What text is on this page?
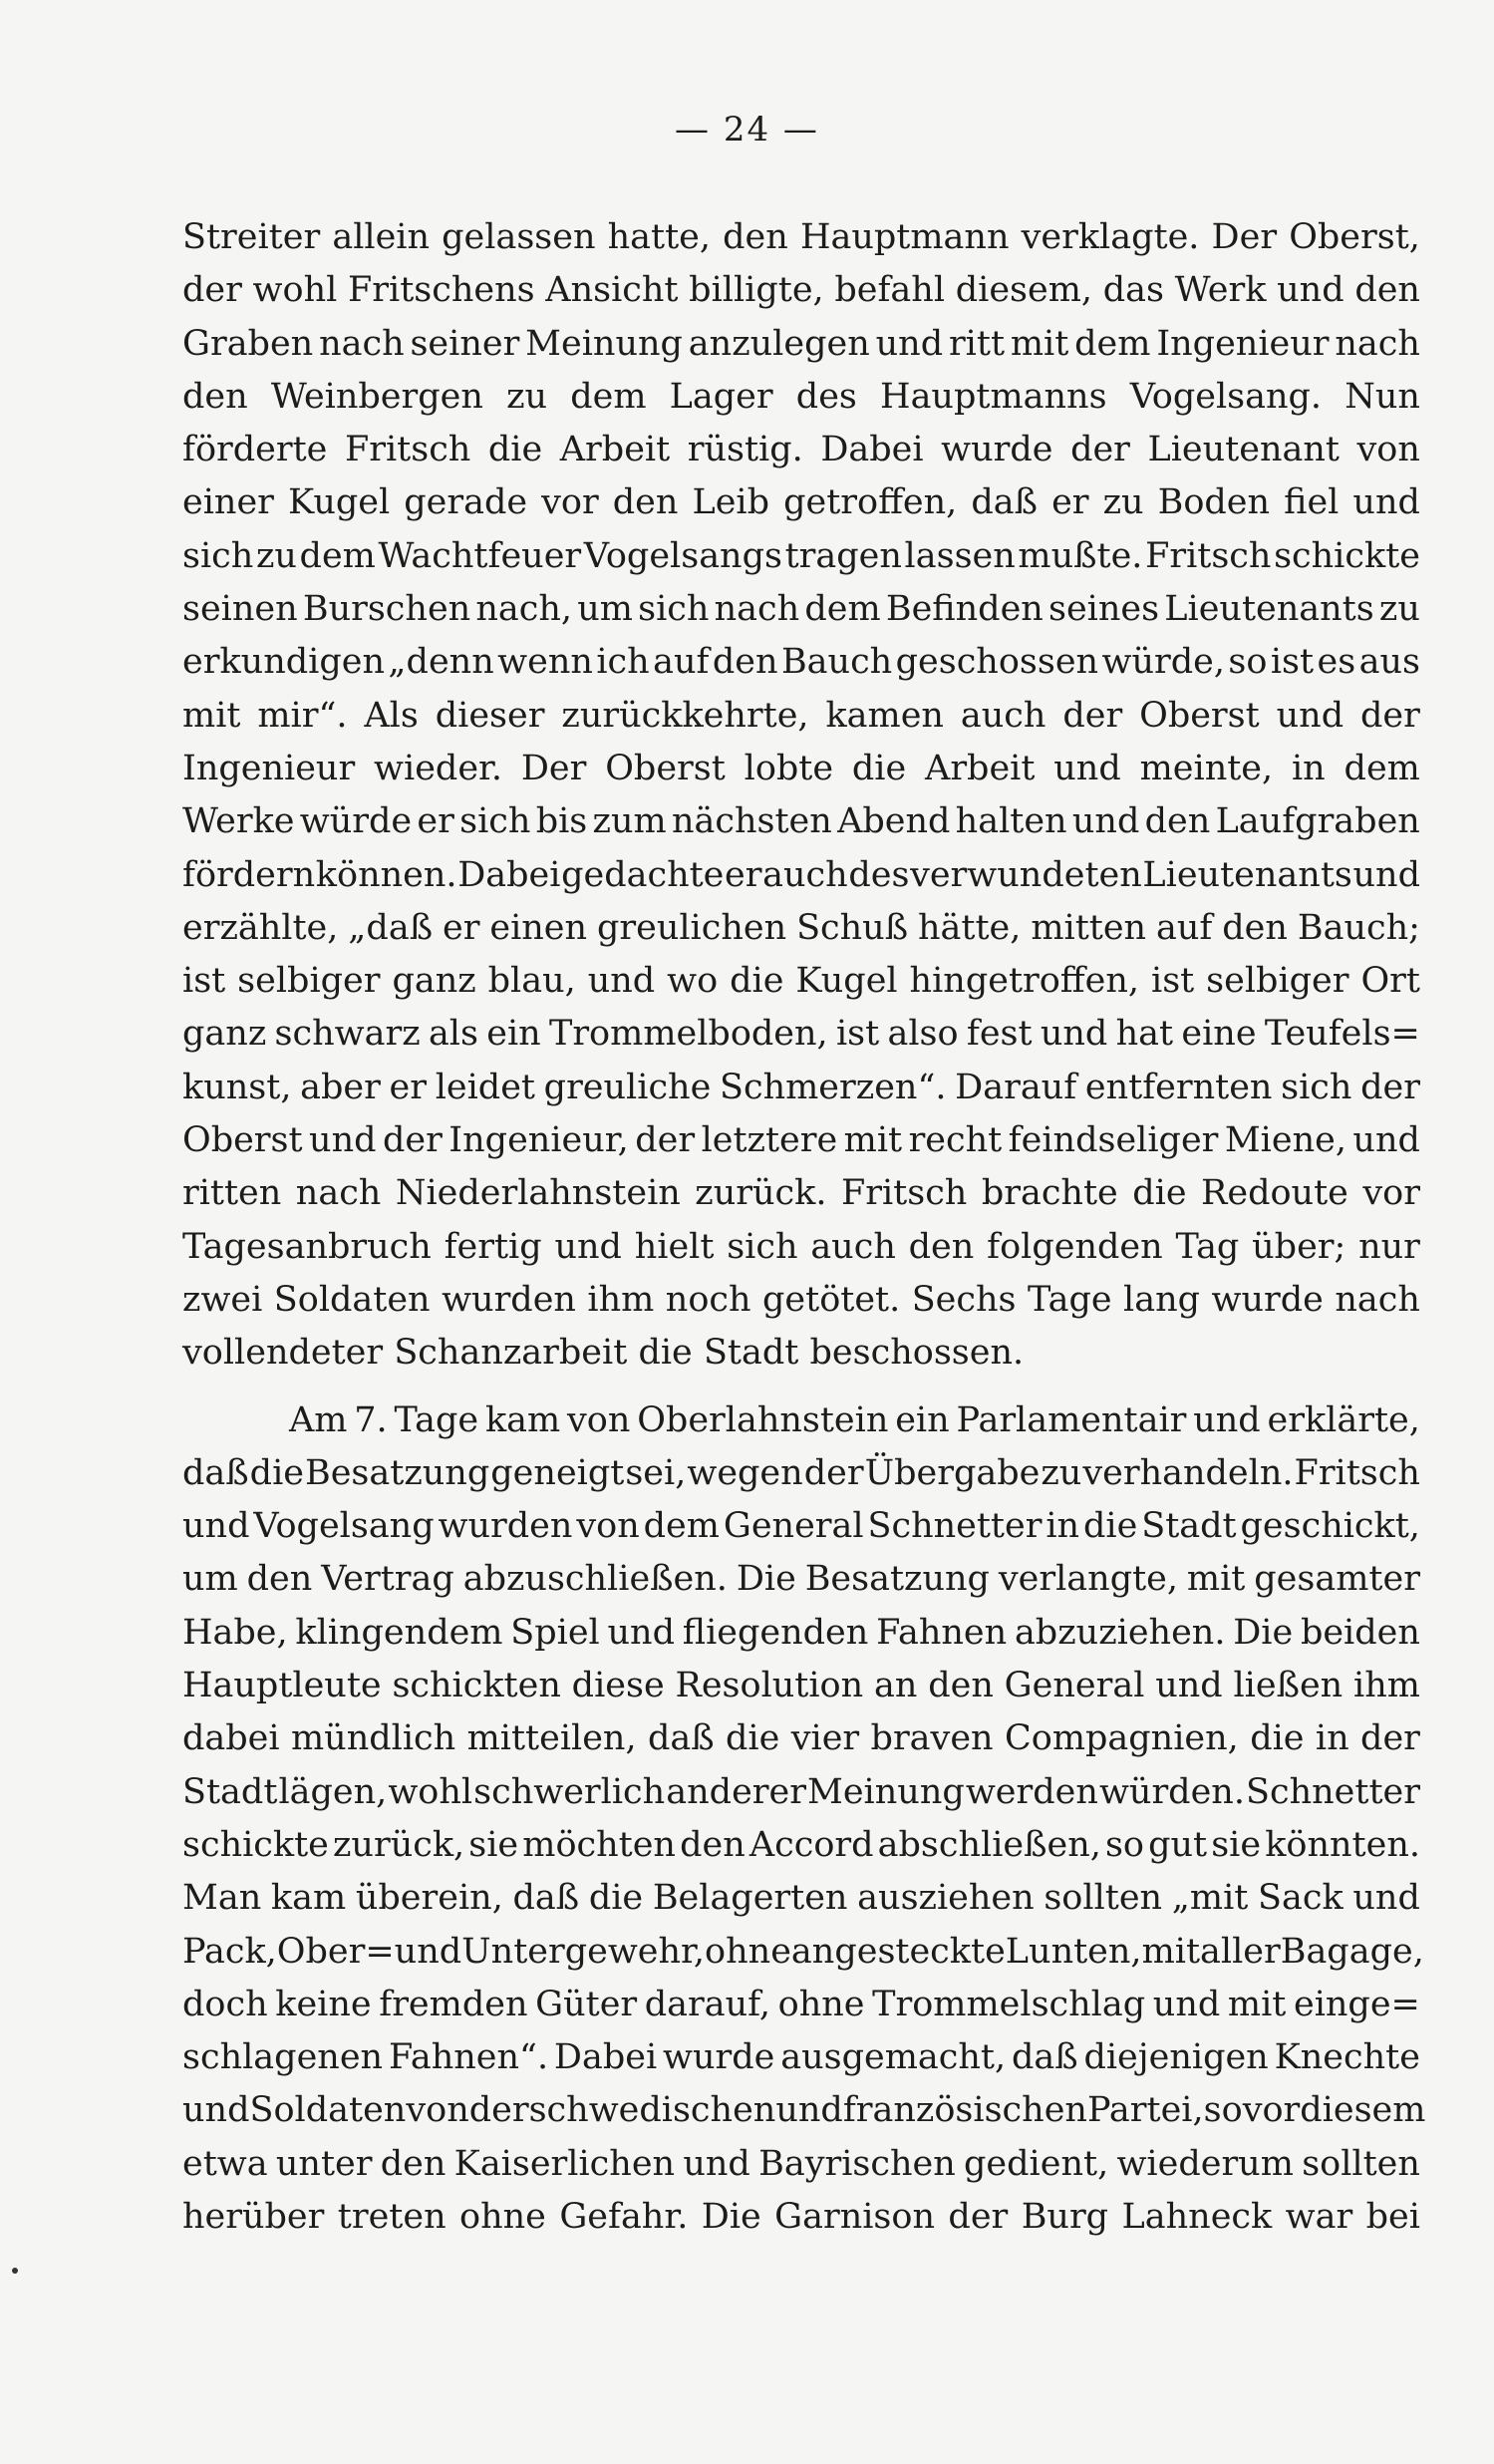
— 24 —
Streiter allein gelassen hatte, den Hauptmann verklagte. Der Oberst,
der wohl Fritschens Ansicht billigte, befahl diesem, das Werk und den
Graben nach seiner Meinung anzulegen und ritt mit dem Ingenieur nach
den Weinbergen zu dem Lager des Hauptmanns Vogelsang. Nun
förderte Fritsch die Arbeit rüstig. Dabei wurde der Lieutenant von
einer Kugel gerade vor den Leib getroffen, daß er zu Boden fiel und
sich zu dem Wachtfeuer Vogelsangs tragen lassen mußte. Fritsch schickte
seinen Burschen nach, um sich nach dem Befinden seines Lieutenants zu
erkundigen „denn wenn ich auf den Bauch geschossen würde, so ist es aus
mit mir“. Als dieser zurückkehrte, kamen auch der Oberst und der
Ingenieur wieder. Der Oberst lobte die Arbeit und meinte, in dem
Werke würde er sich bis zum nächsten Abend halten und den Laufgraben
fördern können. Dabei gedachte er auch des verwundeten Lieutenants und
erzählte, „daß er einen greulichen Schuß hätte, mitten auf den Bauch;
ist selbiger ganz blau, und wo die Kugel hingetroffen, ist selbiger Ort
ganz schwarz als ein Trommelboden, ist also fest und hat eine Teufels=
kunst, aber er leidet greuliche Schmerzen“. Darauf entfernten sich der
Oberst und der Ingenieur, der letztere mit recht feindseliger Miene, und
ritten nach Niederlahnstein zurück. Fritsch brachte die Redoute vor
Tagesanbruch fertig und hielt sich auch den folgenden Tag über; nur
zwei Soldaten wurden ihm noch getötet. Sechs Tage lang wurde nach
vollendeter Schanzarbeit die Stadt beschossen.
Am 7. Tage kam von Oberlahnstein ein Parlamentair und erklärte,
daß die Besatzung geneigt sei, wegen der Übergabe zu verhandeln. Fritsch
und Vogelsang wurden von dem General Schnetter in die Stadt geschickt,
um den Vertrag abzuschließen. Die Besatzung verlangte, mit gesamter
Habe, klingendem Spiel und fliegenden Fahnen abzuziehen. Die beiden
Hauptleute schickten diese Resolution an den General und ließen ihm
dabei mündlich mitteilen, daß die vier braven Compagnien, die in der
Stadt lägen, wohl schwerlich anderer Meinung werden würden. Schnetter
schickte zurück, sie möchten den Accord abschließen, so gut sie könnten.
Man kam überein, daß die Belagerten ausziehen sollten „mit Sack und
Pack, Ober= und Untergewehr, ohne angesteckte Lunten, mit aller Bagage,
doch keine fremden Güter darauf, ohne Trommelschlag und mit einge=
schlagenen Fahnen“. Dabei wurde ausgemacht, daß diejenigen Knechte
und Soldaten von der schwedischen und französischen Partei, so vor diesem
etwa unter den Kaiserlichen und Bayrischen gedient, wiederum sollten
herüber treten ohne Gefahr. Die Garnison der Burg Lahneck war bei
